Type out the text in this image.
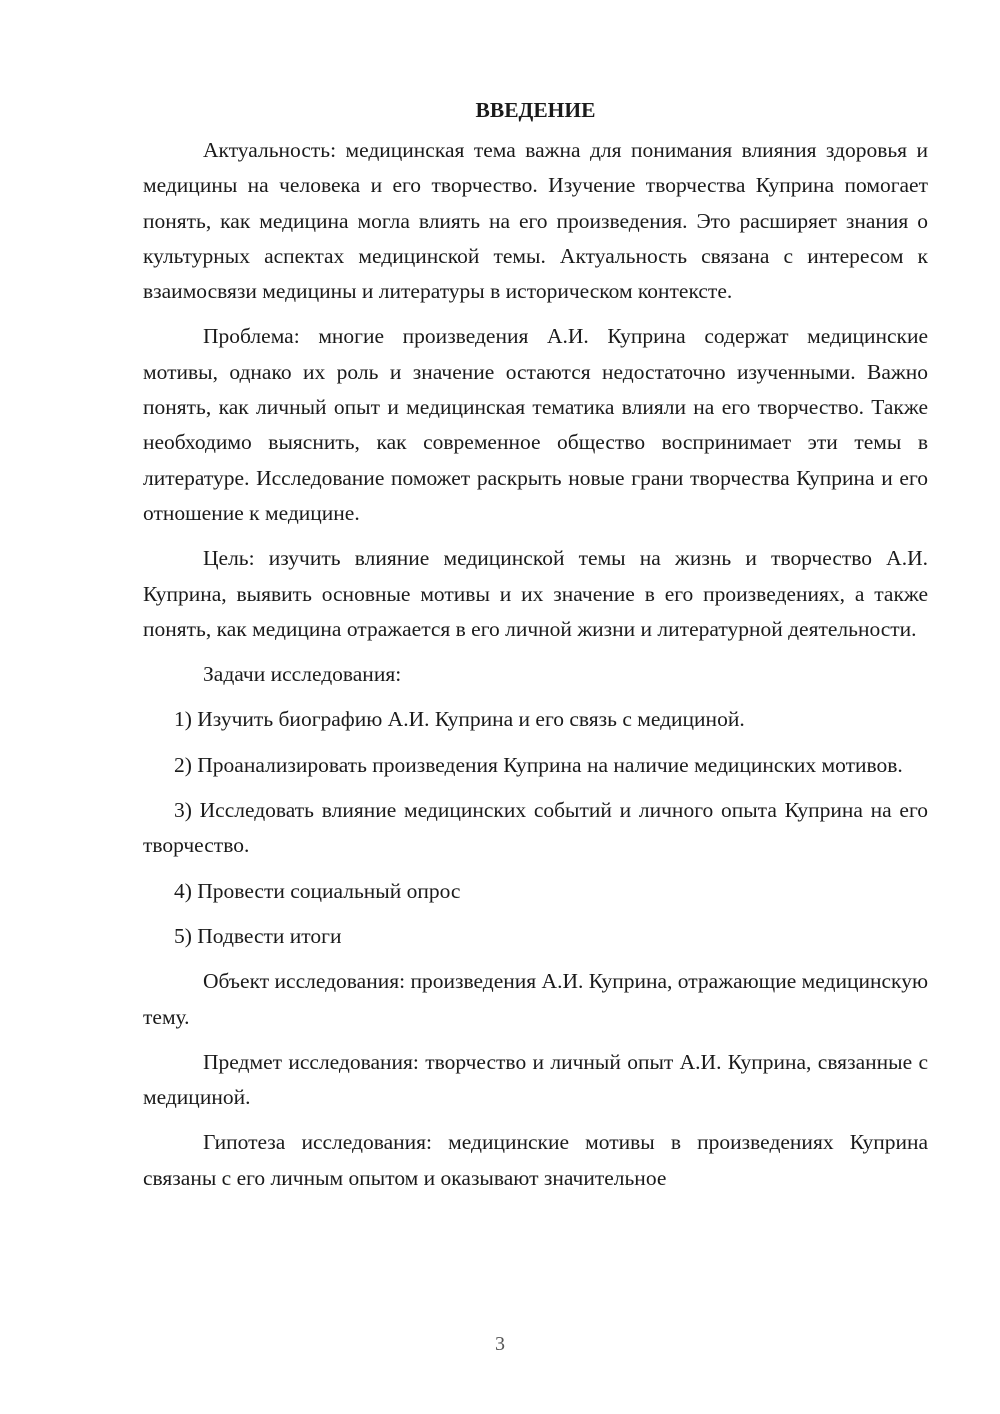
ВВЕДЕНИЕ

Актуальность: медицинская тема важна для понимания влияния здоровья и медицины на человека и его творчество. Изучение творчества Куприна помогает понять, как медицина могла влиять на его произведения. Это расширяет знания о культурных аспектах медицинской темы. Актуальность связана с интересом к взаимосвязи медицины и литературы в историческом контексте.

Проблема: многие произведения А.И. Куприна содержат медицинские мотивы, однако их роль и значение остаются недостаточно изученными. Важно понять, как личный опыт и медицинская тематика влияли на его творчество. Также необходимо выяснить, как современное общество воспринимает эти темы в литературе. Исследование поможет раскрыть новые грани творчества Куприна и его отношение к медицине.

Цель: изучить влияние медицинской темы на жизнь и творчество А.И. Куприна, выявить основные мотивы и их значение в его произведениях, а также понять, как медицина отражается в его личной жизни и литературной деятельности.

Задачи исследования:

1) Изучить биографию А.И. Куприна и его связь с медициной.

2) Проанализировать произведения Куприна на наличие медицинских мотивов.

3) Исследовать влияние медицинских событий и личного опыта Куприна на его творчество.

4) Провести социальный опрос

5) Подвести итоги

Объект исследования: произведения А.И. Куприна, отражающие медицинскую тему.

Предмет исследования: творчество и личный опыт А.И. Куприна, связанные с медициной.

Гипотеза исследования: медицинские мотивы в произведениях Куприна связаны с его личным опытом и оказывают значительное

3
